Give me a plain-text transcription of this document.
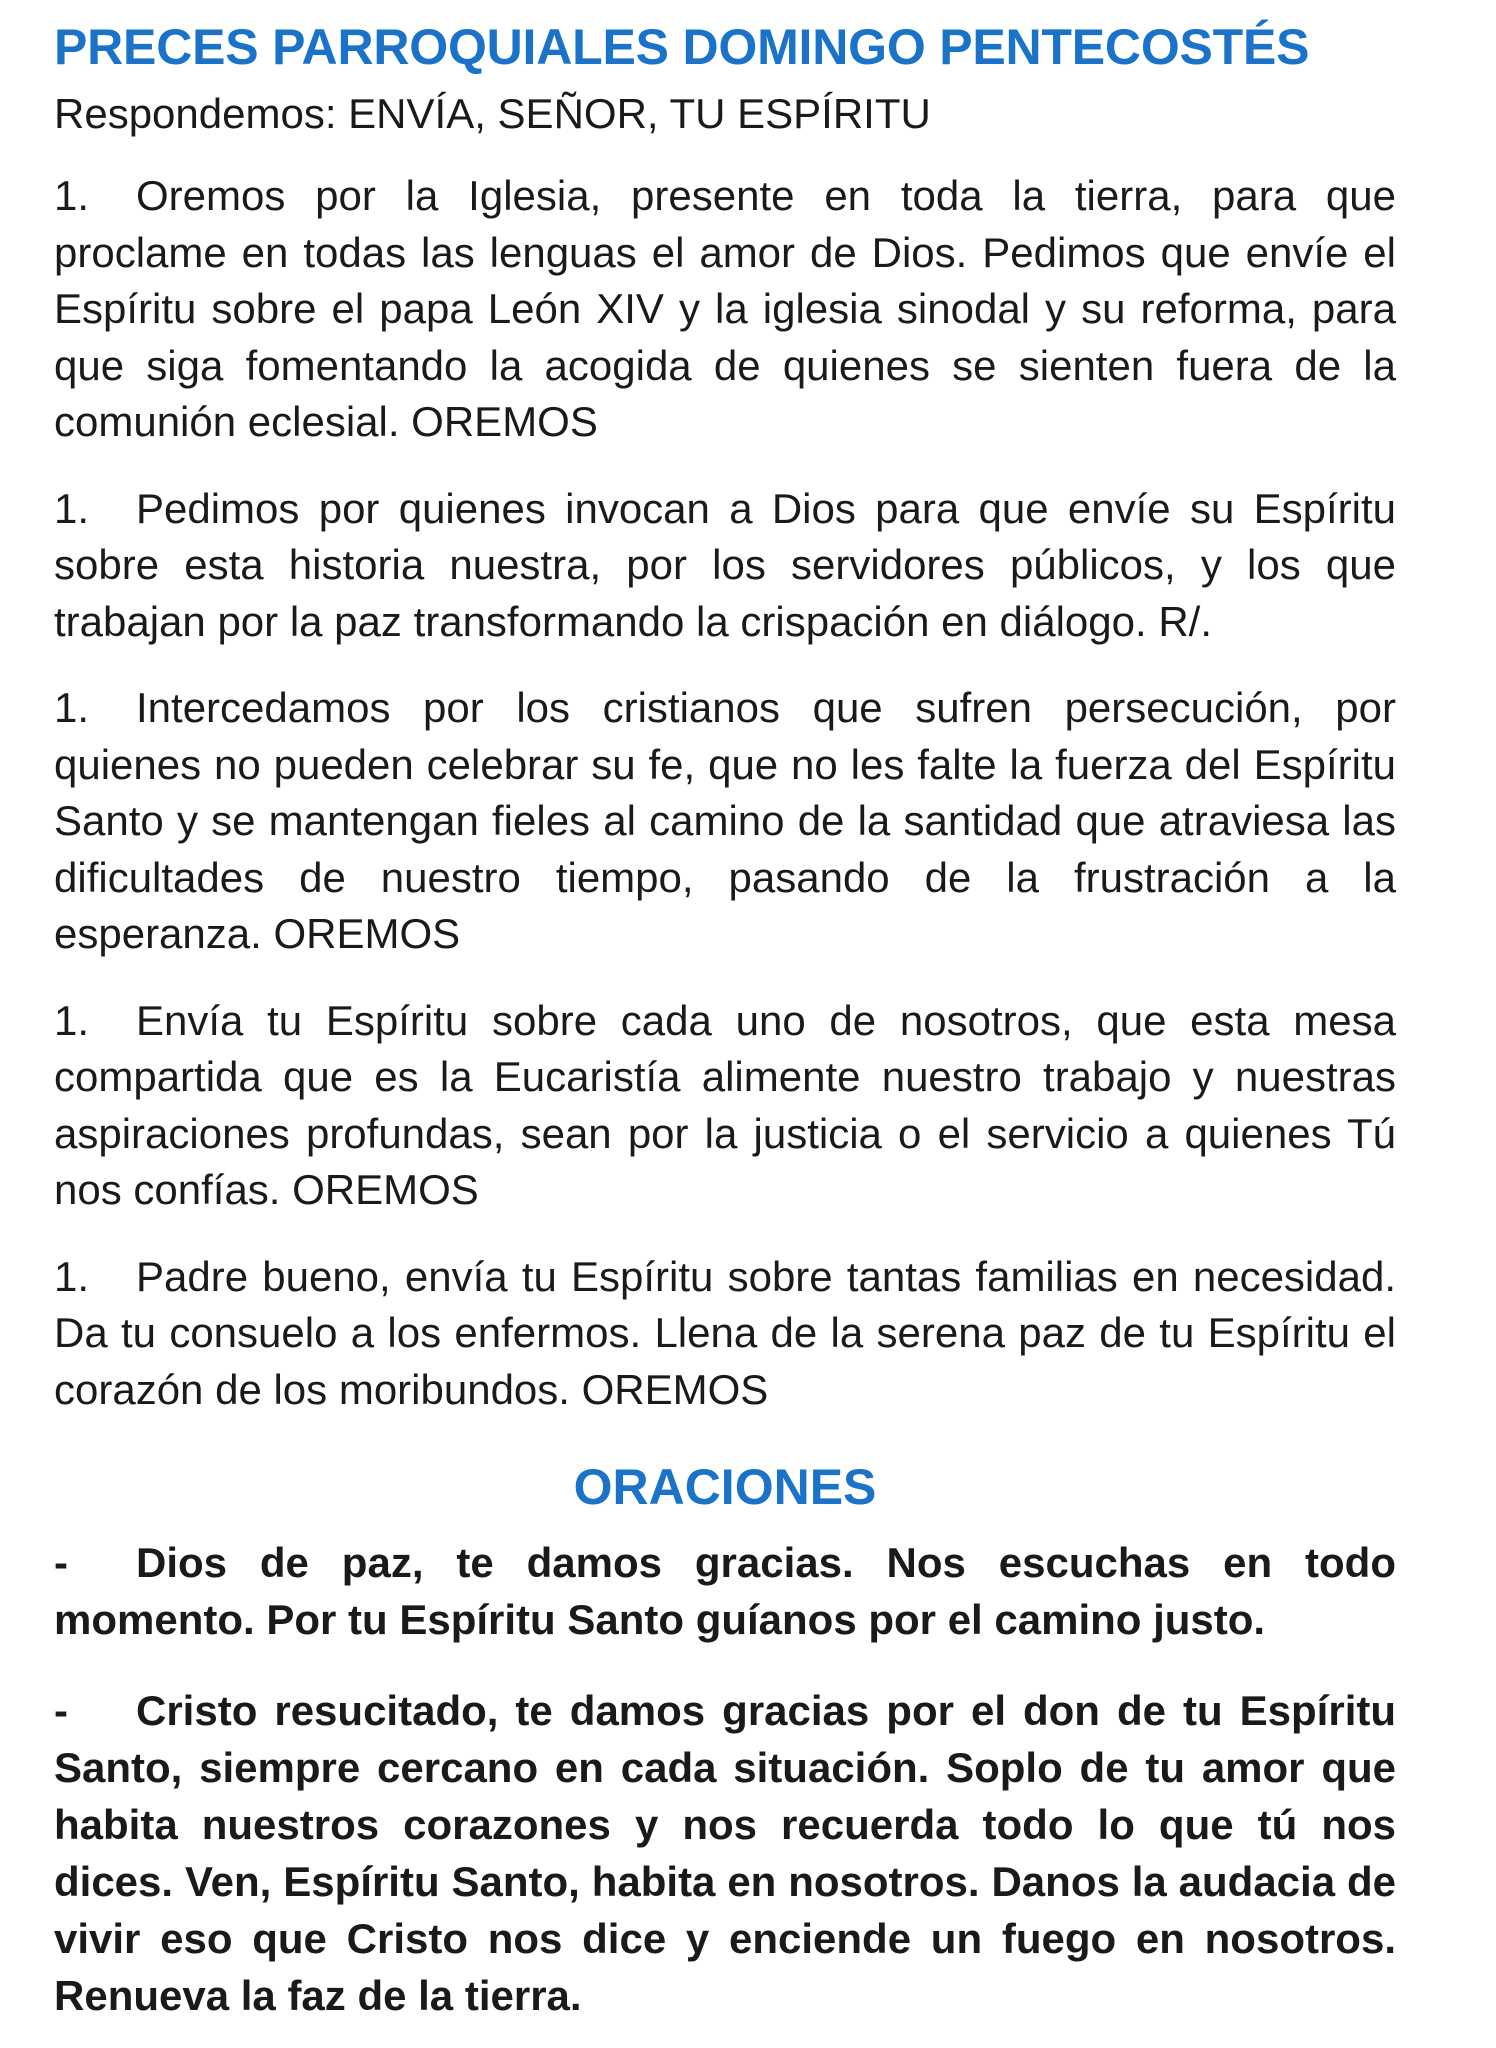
PRECES PARROQUIALES DOMINGO PENTECOSTÉS

Respondemos: ENVÍA, SEÑOR, TU ESPÍRITU

1. Oremos por la Iglesia, presente en toda la tierra, para que proclame en todas las lenguas el amor de Dios. Pedimos que envíe el Espíritu sobre el papa León XIV y la iglesia sinodal y su reforma, para que siga fomentando la acogida de quienes se sienten fuera de la comunión eclesial. OREMOS

1. Pedimos por quienes invocan a Dios para que envíe su Espíritu sobre esta historia nuestra, por los servidores públicos, y los que trabajan por la paz transformando la crispación en diálogo. R/.

1. Intercedamos por los cristianos que sufren persecución, por quienes no pueden celebrar su fe, que no les falte la fuerza del Espíritu Santo y se mantengan fieles al camino de la santidad que atraviesa las dificultades de nuestro tiempo, pasando de la frustración a la esperanza. OREMOS

1. Envía tu Espíritu sobre cada uno de nosotros, que esta mesa compartida que es la Eucaristía alimente nuestro trabajo y nuestras aspiraciones profundas, sean por la justicia o el servicio a quienes Tú nos confías. OREMOS

1. Padre bueno, envía tu Espíritu sobre tantas familias en necesidad. Da tu consuelo a los enfermos. Llena de la serena paz de tu Espíritu el corazón de los moribundos. OREMOS

ORACIONES

- Dios de paz, te damos gracias. Nos escuchas en todo momento. Por tu Espíritu Santo guíanos por el camino justo.

- Cristo resucitado, te damos gracias por el don de tu Espíritu Santo, siempre cercano en cada situación. Soplo de tu amor que habita nuestros corazones y nos recuerda todo lo que tú nos dices. Ven, Espíritu Santo, habita en nosotros. Danos la audacia de vivir eso que Cristo nos dice y enciende un fuego en nosotros. Renueva la faz de la tierra.
